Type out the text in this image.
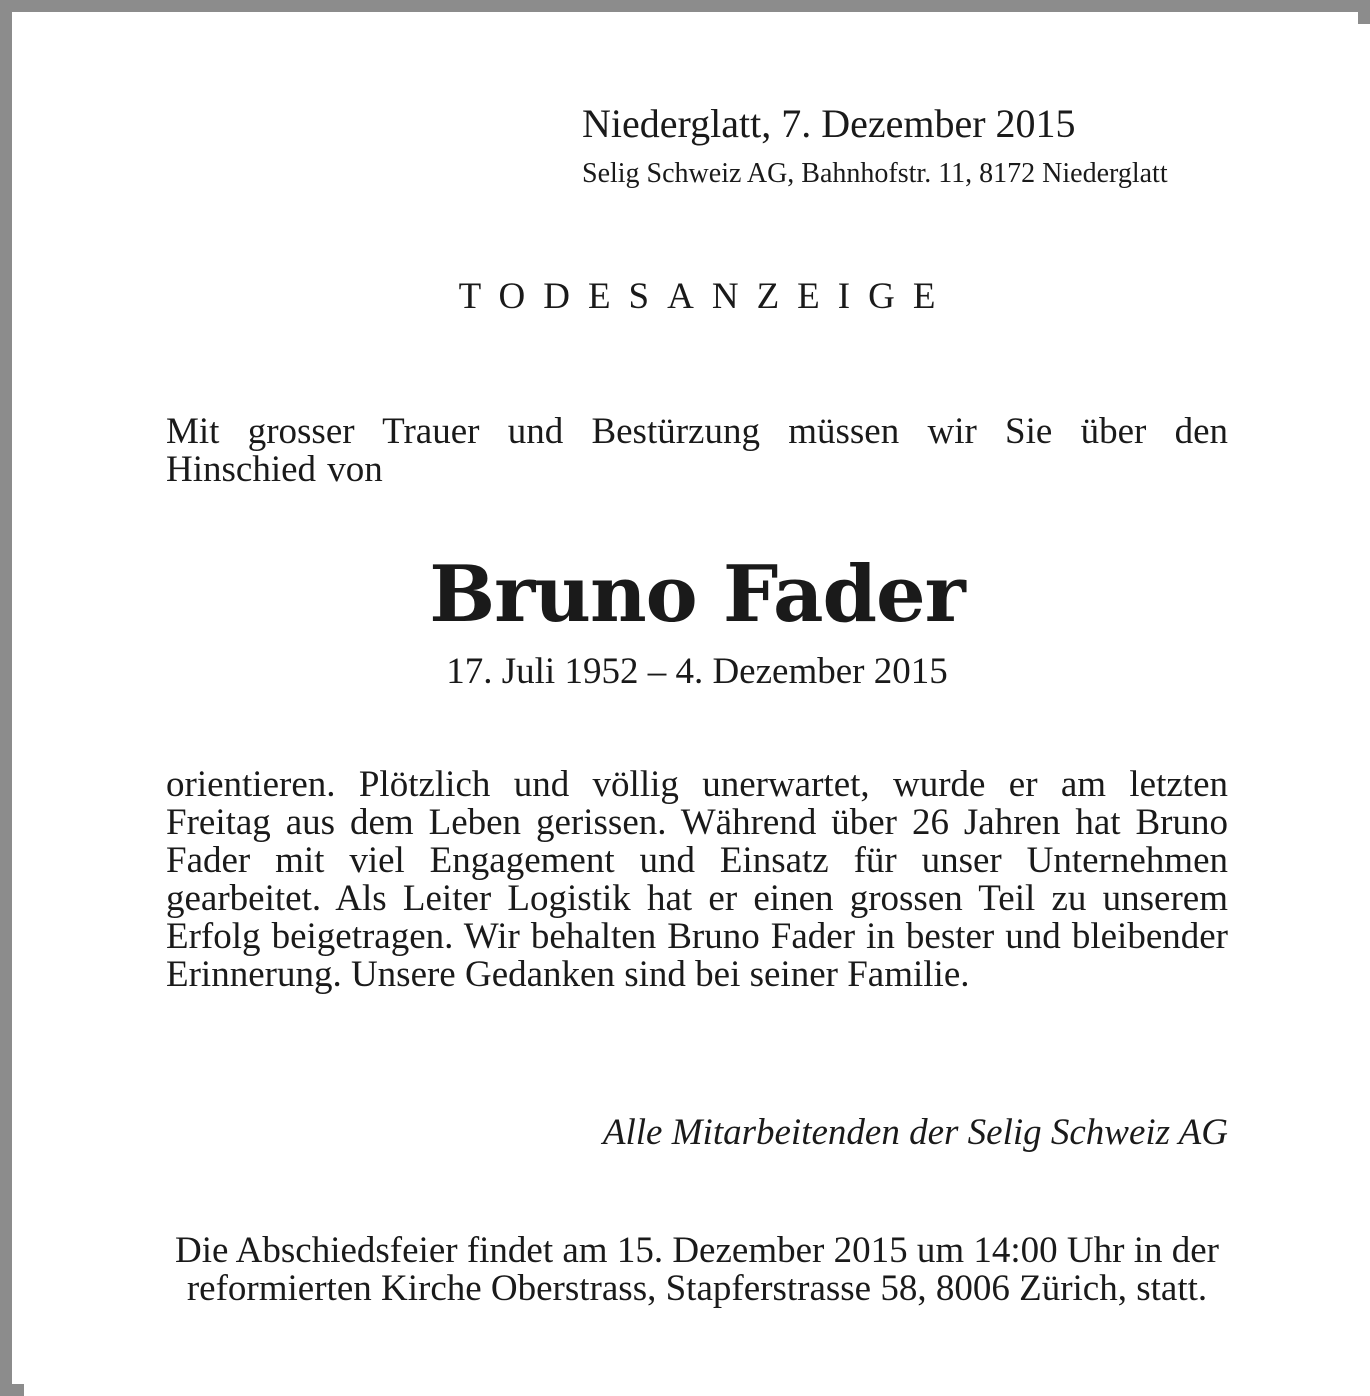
Niederglatt, 7. Dezember 2015

Selig Schweiz AG, Bahnhofstr. 11, 8172 Niederglatt

TODESANZEIGE

Mit grosser Trauer und Bestürzung müssen wir Sie über den Hinschied von

Bruno Fader

17. Juli 1952 – 4. Dezember 2015

orientieren. Plötzlich und völlig unerwartet, wurde er am letzten Freitag aus dem Leben gerissen. Während über 26 Jahren hat Bruno Fader mit viel Engagement und Einsatz für unser Unternehmen gearbeitet. Als Leiter Logistik hat er einen grossen Teil zu unserem Erfolg beigetragen. Wir behalten Bruno Fader in bester und bleibender Erinnerung. Unsere Gedanken sind bei seiner Familie.

Alle Mitarbeitenden der Selig Schweiz AG

Die Abschiedsfeier findet am 15. Dezember 2015 um 14:00 Uhr in der reformierten Kirche Oberstrass, Stapferstrasse 58, 8006 Zürich, statt.
